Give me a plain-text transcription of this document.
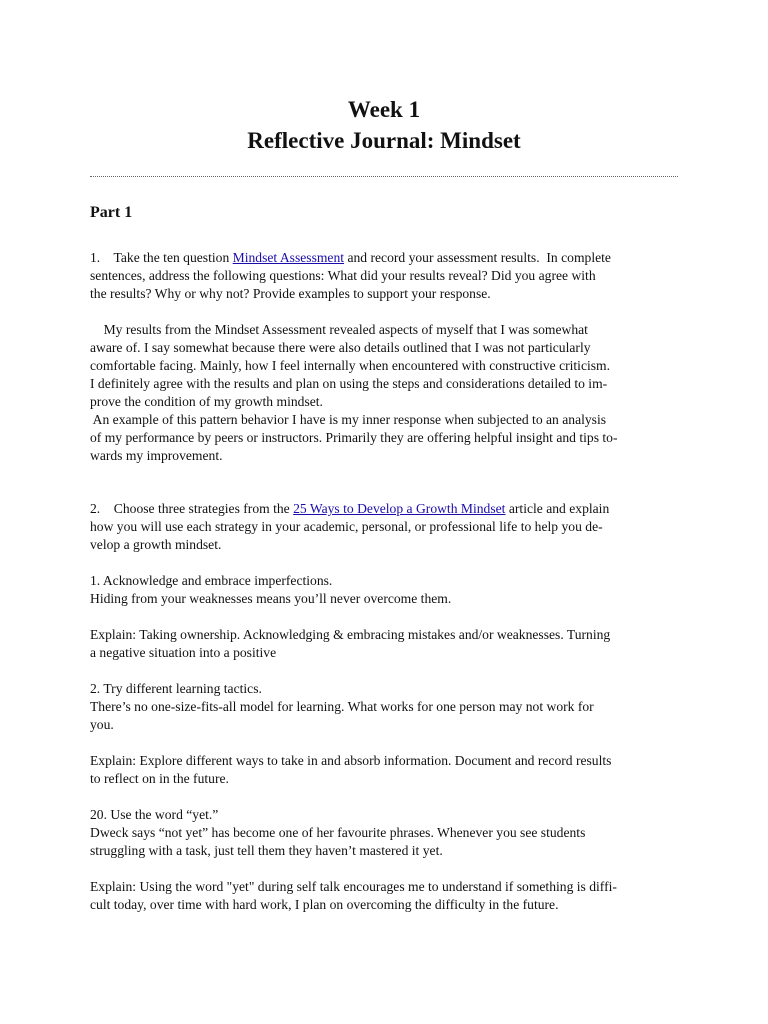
Week 1

Reflective Journal: Mindset

Part 1

1.    Take the ten question Mindset Assessment and record your assessment results.  In complete

sentences, address the following questions: What did your results reveal? Did you agree with

the results? Why or why not? Provide examples to support your response.

My results from the Mindset Assessment revealed aspects of myself that I was somewhat

aware of. I say somewhat because there were also details outlined that I was not particularly

comfortable facing. Mainly, how I feel internally when encountered with constructive criticism.

I definitely agree with the results and plan on using the steps and considerations detailed to im-

prove the condition of my growth mindset.

An example of this pattern behavior I have is my inner response when subjected to an analysis

of my performance by peers or instructors. Primarily they are offering helpful insight and tips to-

wards my improvement.

2.    Choose three strategies from the 25 Ways to Develop a Growth Mindset article and explain

how you will use each strategy in your academic, personal, or professional life to help you de-

velop a growth mindset.

1. Acknowledge and embrace imperfections.

Hiding from your weaknesses means you’ll never overcome them.

Explain: Taking ownership. Acknowledging & embracing mistakes and/or weaknesses. Turning

a negative situation into a positive

2. Try different learning tactics.

There’s no one-size-fits-all model for learning. What works for one person may not work for

you.

Explain: Explore different ways to take in and absorb information. Document and record results

to reflect on in the future.

20. Use the word “yet.”

Dweck says “not yet” has become one of her favourite phrases. Whenever you see students

struggling with a task, just tell them they haven’t mastered it yet.

Explain: Using the word "yet" during self talk encourages me to understand if something is diffi-

cult today, over time with hard work, I plan on overcoming the difficulty in the future.
